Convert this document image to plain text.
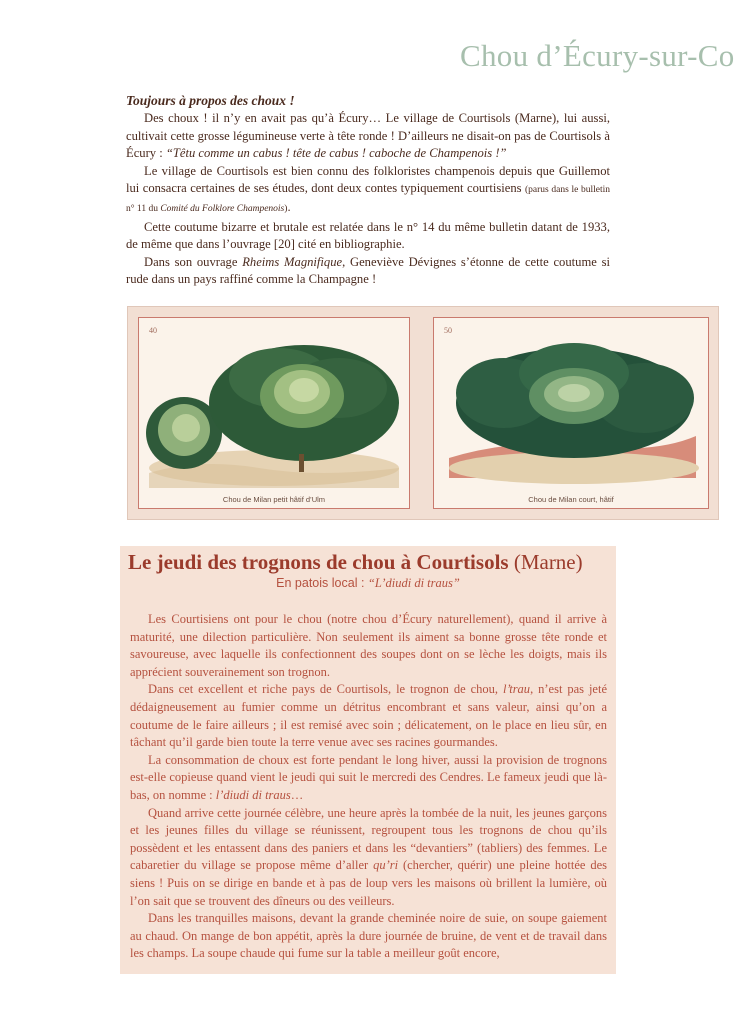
Chou d’Écury-sur-Co
Toujours à propos des choux !

Des choux ! il n’y en avait pas qu’à Écury… Le village de Courtisols (Marne), lui aussi, cultivait cette grosse légumineuse verte à tête ronde ! D’ailleurs ne disait-on pas de Courtisols à Écury : “Têtu comme un cabus ! tête de cabus ! caboche de Champenois !”

Le village de Courtisols est bien connu des folkloristes champenois depuis que Guillemot lui consacra certaines de ses études, dont deux contes typiquement courtisiens (parus dans le bulletin n° 11 du Comité du Folklore Champenois).

Cette coutume bizarre et brutale est relatée dans le n° 14 du même bulletin datant de 1933, de même que dans l’ouvrage [20] cité en bibliographie.

Dans son ouvrage Rheims Magnifique, Geneviève Dévignes s’étonne de cette coutume si rude dans un pays raffiné comme la Champagne !

40
Chou de Milan petit hâtif d’Ulm
50
Chou de Milan court, hâtif
Le jeudi des trognons de chou à Courtisols (Marne)
En patois local : “L’diudi di traus”

Les Courtisiens ont pour le chou (notre chou d’Écury naturellement), quand il arrive à maturité, une dilection particulière. Non seulement ils aiment sa bonne grosse tête ronde et savoureuse, avec laquelle ils confectionnent des soupes dont on se lèche les doigts, mais ils apprécient souverainement son trognon.

Dans cet excellent et riche pays de Courtisols, le trognon de chou, l’trau, n’est pas jeté dédaigneusement au fumier comme un détritus encombrant et sans valeur, ainsi qu’on a coutume de le faire ailleurs ; il est remisé avec soin ; délicatement, on le place en lieu sûr, en tâchant qu’il garde bien toute la terre venue avec ses racines gourmandes.

La consommation de choux est forte pendant le long hiver, aussi la provision de trognons est-elle copieuse quand vient le jeudi qui suit le mercredi des Cendres. Le fameux jeudi que là-bas, on nomme : l’diudi di traus…

Quand arrive cette journée célèbre, une heure après la tombée de la nuit, les jeunes garçons et les jeunes filles du village se réunissent, regroupent tous les trognons de chou qu’ils possèdent et les entassent dans des paniers et dans les “devantiers” (tabliers) des femmes. Le cabaretier du village se propose même d’aller qu’ri (chercher, quérir) une pleine hottée des siens ! Puis on se dirige en bande et à pas de loup vers les maisons où brillent la lumière, où l’on sait que se trouvent des dîneurs ou des veilleurs.

Dans les tranquilles maisons, devant la grande cheminée noire de suie, on soupe gaiement au chaud. On mange de bon appétit, après la dure journée de bruine, de vent et de travail dans les champs. La soupe chaude qui fume sur la table a meilleur goût encore,
